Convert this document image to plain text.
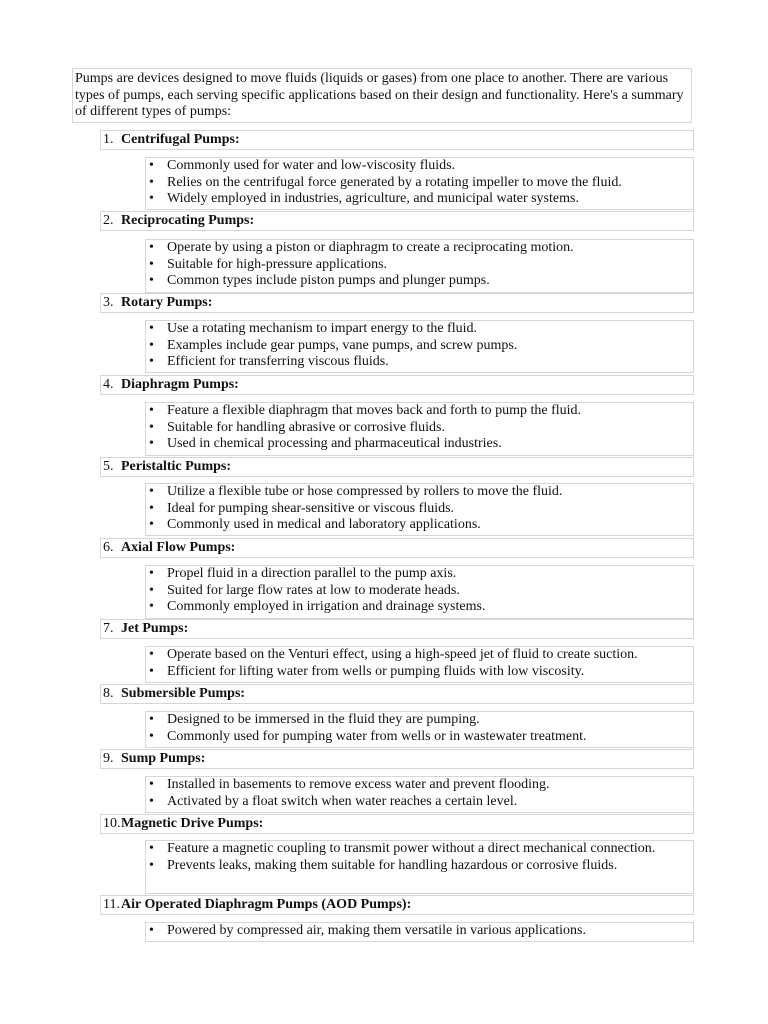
Pumps are devices designed to move fluids (liquids or gases) from one place to another. There are various types of pumps, each serving specific applications based on their design and functionality. Here's a summary of different types of pumps:
1. Centrifugal Pumps:
• Commonly used for water and low-viscosity fluids.
• Relies on the centrifugal force generated by a rotating impeller to move the fluid.
• Widely employed in industries, agriculture, and municipal water systems.
2. Reciprocating Pumps:
• Operate by using a piston or diaphragm to create a reciprocating motion.
• Suitable for high-pressure applications.
• Common types include piston pumps and plunger pumps.
3. Rotary Pumps:
• Use a rotating mechanism to impart energy to the fluid.
• Examples include gear pumps, vane pumps, and screw pumps.
• Efficient for transferring viscous fluids.
4. Diaphragm Pumps:
• Feature a flexible diaphragm that moves back and forth to pump the fluid.
• Suitable for handling abrasive or corrosive fluids.
• Used in chemical processing and pharmaceutical industries.
5. Peristaltic Pumps:
• Utilize a flexible tube or hose compressed by rollers to move the fluid.
• Ideal for pumping shear-sensitive or viscous fluids.
• Commonly used in medical and laboratory applications.
6. Axial Flow Pumps:
• Propel fluid in a direction parallel to the pump axis.
• Suited for large flow rates at low to moderate heads.
• Commonly employed in irrigation and drainage systems.
7. Jet Pumps:
• Operate based on the Venturi effect, using a high-speed jet of fluid to create suction.
• Efficient for lifting water from wells or pumping fluids with low viscosity.
8. Submersible Pumps:
• Designed to be immersed in the fluid they are pumping.
• Commonly used for pumping water from wells or in wastewater treatment.
9. Sump Pumps:
• Installed in basements to remove excess water and prevent flooding.
• Activated by a float switch when water reaches a certain level.
10.Magnetic Drive Pumps:
• Feature a magnetic coupling to transmit power without a direct mechanical connection.
• Prevents leaks, making them suitable for handling hazardous or corrosive fluids.
11.Air Operated Diaphragm Pumps (AOD Pumps):
• Powered by compressed air, making them versatile in various applications.
